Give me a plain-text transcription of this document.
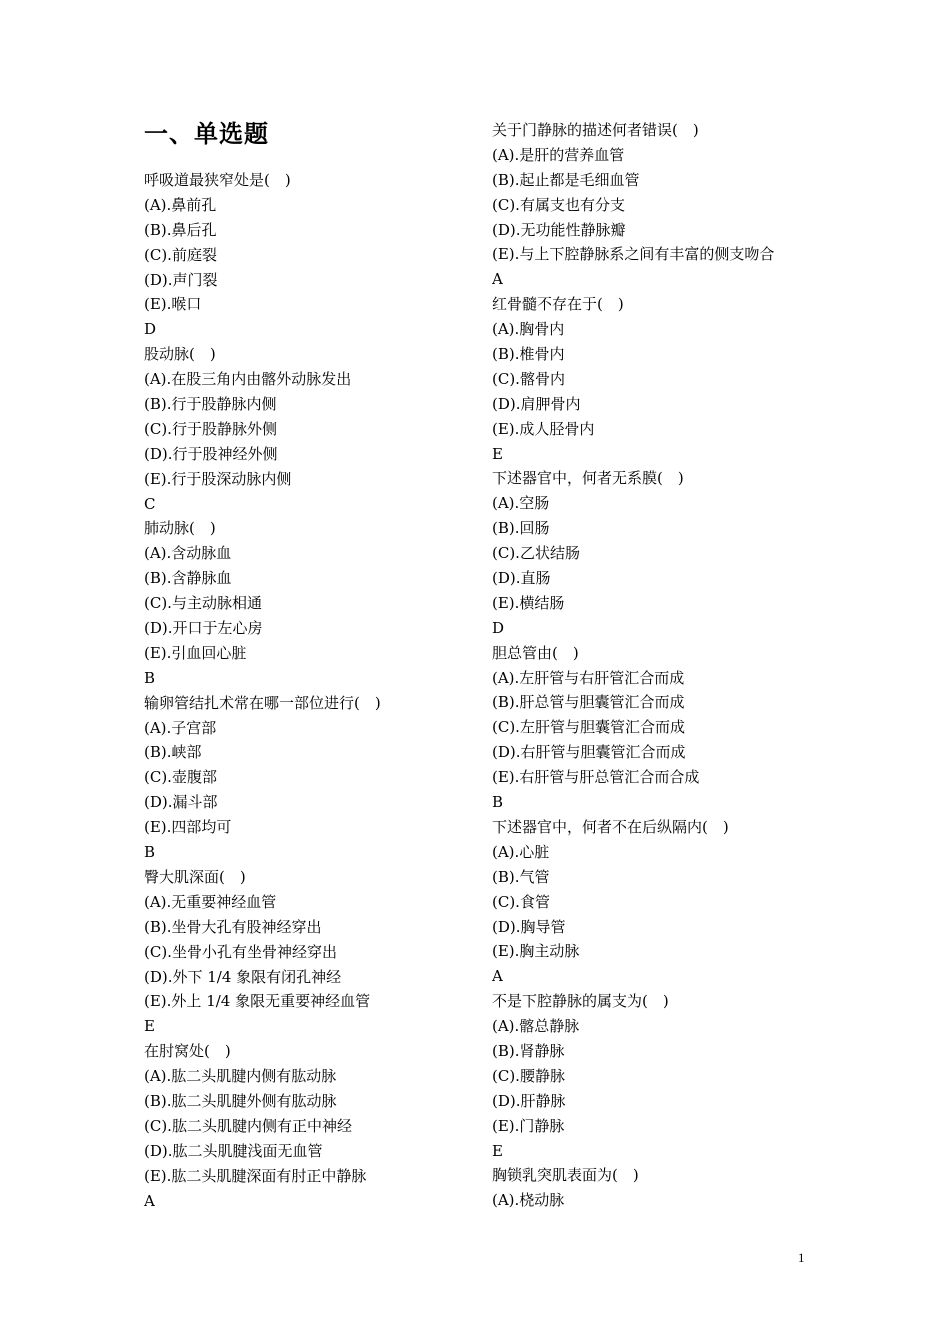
一、单选题
呼吸道最狭窄处是(　)
(A).鼻前孔
(B).鼻后孔
(C).前庭裂
(D).声门裂
(E).喉口
D
股动脉(　)
(A).在股三角内由髂外动脉发出
(B).行于股静脉内侧
(C).行于股静脉外侧
(D).行于股神经外侧
(E).行于股深动脉内侧
C
肺动脉(　)
(A).含动脉血
(B).含静脉血
(C).与主动脉相通
(D).开口于左心房
(E).引血回心脏
B
输卵管结扎术常在哪一部位进行(　)
(A).子宫部
(B).峡部
(C).壶腹部
(D).漏斗部
(E).四部均可
B
臀大肌深面(　)
(A).无重要神经血管
(B).坐骨大孔有股神经穿出
(C).坐骨小孔有坐骨神经穿出
(D).外下 1/4 象限有闭孔神经
(E).外上 1/4 象限无重要神经血管
E
在肘窝处(　)
(A).肱二头肌腱内侧有肱动脉
(B).肱二头肌腱外侧有肱动脉
(C).肱二头肌腱内侧有正中神经
(D).肱二头肌腱浅面无血管
(E).肱二头肌腱深面有肘正中静脉
A
关于门静脉的描述何者错误(　)
(A).是肝的营养血管
(B).起止都是毛细血管
(C).有属支也有分支
(D).无功能性静脉瓣
(E).与上下腔静脉系之间有丰富的侧支吻合
A
红骨髓不存在于(　)
(A).胸骨内
(B).椎骨内
(C).髂骨内
(D).肩胛骨内
(E).成人胫骨内
E
下述器官中，何者无系膜(　)
(A).空肠
(B).回肠
(C).乙状结肠
(D).直肠
(E).横结肠
D
胆总管由(　)
(A).左肝管与右肝管汇合而成
(B).肝总管与胆囊管汇合而成
(C).左肝管与胆囊管汇合而成
(D).右肝管与胆囊管汇合而成
(E).右肝管与肝总管汇合而合成
B
下述器官中，何者不在后纵隔内(　)
(A).心脏
(B).气管
(C).食管
(D).胸导管
(E).胸主动脉
A
不是下腔静脉的属支为(　)
(A).髂总静脉
(B).肾静脉
(C).腰静脉
(D).肝静脉
(E).门静脉
E
胸锁乳突肌表面为(　)
(A).桡动脉
1
